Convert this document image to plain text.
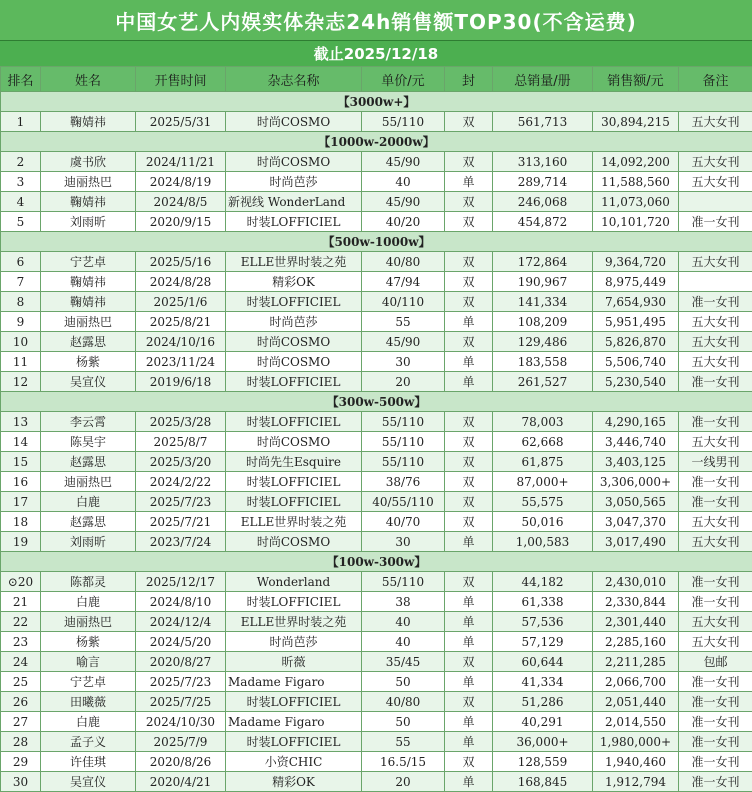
中国女艺人内娱实体杂志24h销售额TOP30(不含运费)
截止2025/12/18
排名	姓名	开售时间	杂志名称	单价/元	封	总销量/册	销售额/元	备注
【3000w+】								
1	鞠婧祎	2025/5/31	时尚COSMO	55/110	双	561,713	30,894,215	五大女刊
【1000w-2000w】								
2	虞书欣	2024/11/21	时尚COSMO	45/90	双	313,160	14,092,200	五大女刊
3	迪丽热巴	2024/8/19	时尚芭莎	40	单	289,714	11,588,560	五大女刊
4	鞠婧祎	2024/8/5	新视线 WonderLand	45/90	双	246,068	11,073,060	
5	刘雨昕	2020/9/15	时装LOFFICIEL	40/20	双	454,872	10,101,720	准一女刊
【500w-1000w】								
6	宁艺卓	2025/5/16	ELLE世界时装之苑	40/80	双	172,864	9,364,720	五大女刊
7	鞠婧祎	2024/8/28	精彩OK	47/94	双	190,967	8,975,449	
8	鞠婧祎	2025/1/6	时装LOFFICIEL	40/110	双	141,334	7,654,930	准一女刊
9	迪丽热巴	2025/8/21	时尚芭莎	55	单	108,209	5,951,495	五大女刊
10	赵露思	2024/10/16	时尚COSMO	45/90	双	129,486	5,826,870	五大女刊
11	杨紫	2023/11/24	时尚COSMO	30	单	183,558	5,506,740	五大女刊
12	吴宣仪	2019/6/18	时装LOFFICIEL	20	单	261,527	5,230,540	准一女刊
【300w-500w】								
13	李云霄	2025/3/28	时装LOFFICIEL	55/110	双	78,003	4,290,165	准一女刊
14	陈昊宇	2025/8/7	时尚COSMO	55/110	双	62,668	3,446,740	五大女刊
15	赵露思	2025/3/20	时尚先生Esquire	55/110	双	61,875	3,403,125	一线男刊
16	迪丽热巴	2024/2/22	时装LOFFICIEL	38/76	双	87,000+	3,306,000+	准一女刊
17	白鹿	2025/7/23	时装LOFFICIEL	40/55/110	双	55,575	3,050,565	准一女刊
18	赵露思	2025/7/21	ELLE世界时装之苑	40/70	双	50,016	3,047,370	五大女刊
19	刘雨昕	2023/7/24	时尚COSMO	30	单	1,00,583	3,017,490	五大女刊
【100w-300w】								
⊙20	陈都灵	2025/12/17	Wonderland	55/110	双	44,182	2,430,010	准一女刊
21	白鹿	2024/8/10	时装LOFFICIEL	38	单	61,338	2,330,844	准一女刊
22	迪丽热巴	2024/12/4	ELLE世界时装之苑	40	单	57,536	2,301,440	五大女刊
23	杨紫	2024/5/20	时尚芭莎	40	单	57,129	2,285,160	五大女刊
24	喻言	2020/8/27	昕薇	35/45	双	60,644	2,211,285	包邮
25	宁艺卓	2025/7/23	Madame Figaro	50	单	41,334	2,066,700	准一女刊
26	田曦薇	2025/7/25	时装LOFFICIEL	40/80	双	51,286	2,051,440	准一女刊
27	白鹿	2024/10/30	Madame Figaro	50	单	40,291	2,014,550	准一女刊
28	孟子义	2025/7/9	时装LOFFICIEL	55	单	36,000+	1,980,000+	准一女刊
29	许佳琪	2020/8/26	小资CHIC	16.5/15	双	128,559	1,940,460	准一女刊
30	吴宣仪	2020/4/21	精彩OK	20	单	168,845	1,912,794	准一女刊
